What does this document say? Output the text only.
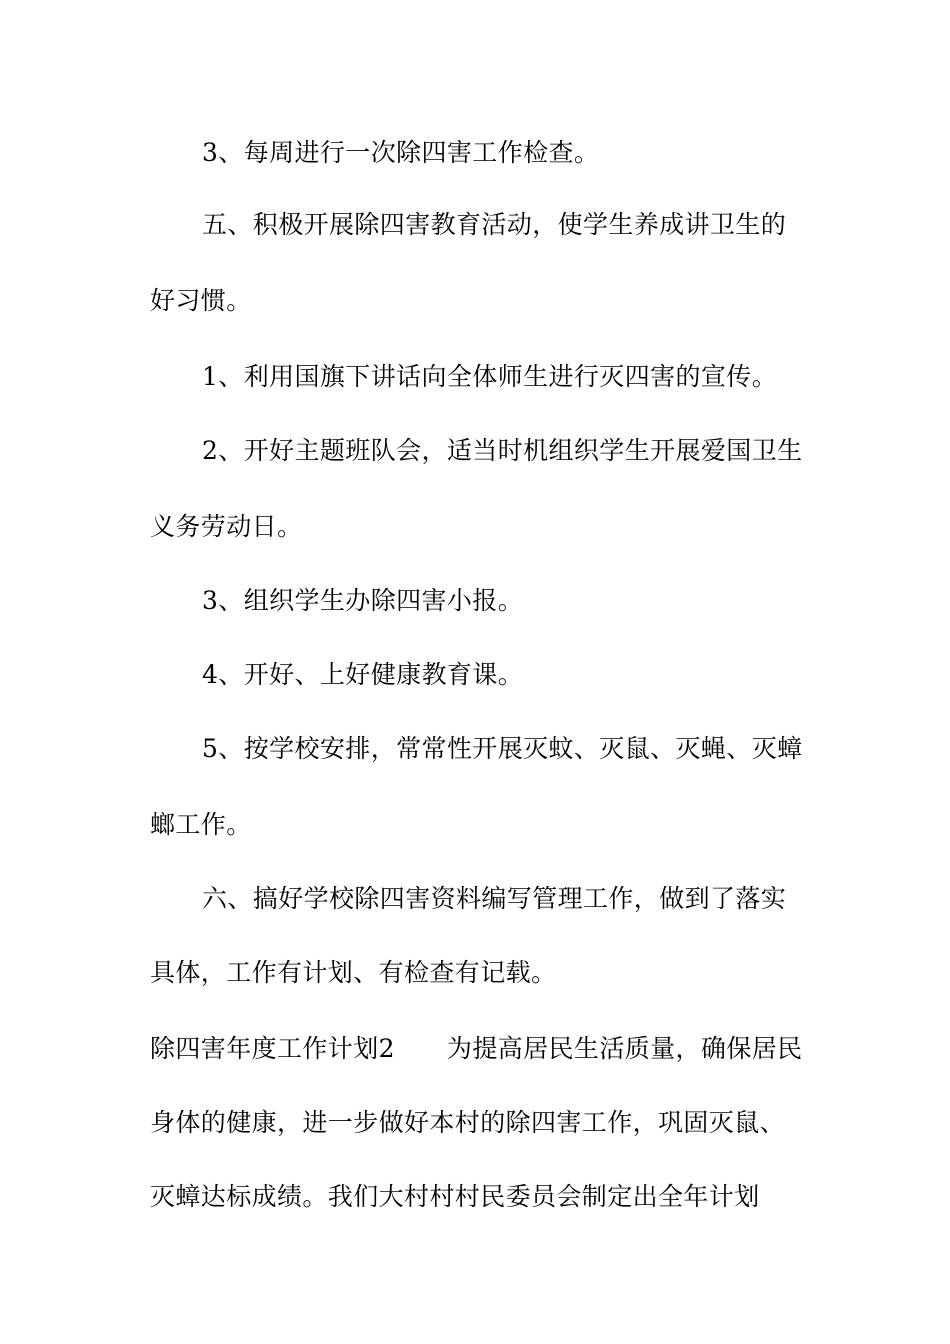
3、每周进行一次除四害工作检查。
五、积极开展除四害教育活动，使学生养成讲卫生的
好习惯。
1、利用国旗下讲话向全体师生进行灭四害的宣传。
2、开好主题班队会，适当时机组织学生开展爱国卫生
义务劳动日。
3、组织学生办除四害小报。
4、开好、上好健康教育课。
5、按学校安排，常常性开展灭蚊、灭鼠、灭蝇、灭蟑
螂工作。
六、搞好学校除四害资料编写管理工作，做到了落实
具体，工作有计划、有检查有记载。
除四害年度工作计划2 为提高居民生活质量，确保居民
身体的健康，进一步做好本村的除四害工作，巩固灭鼠、
灭蟑达标成绩。我们大村村村民委员会制定出全年计划
